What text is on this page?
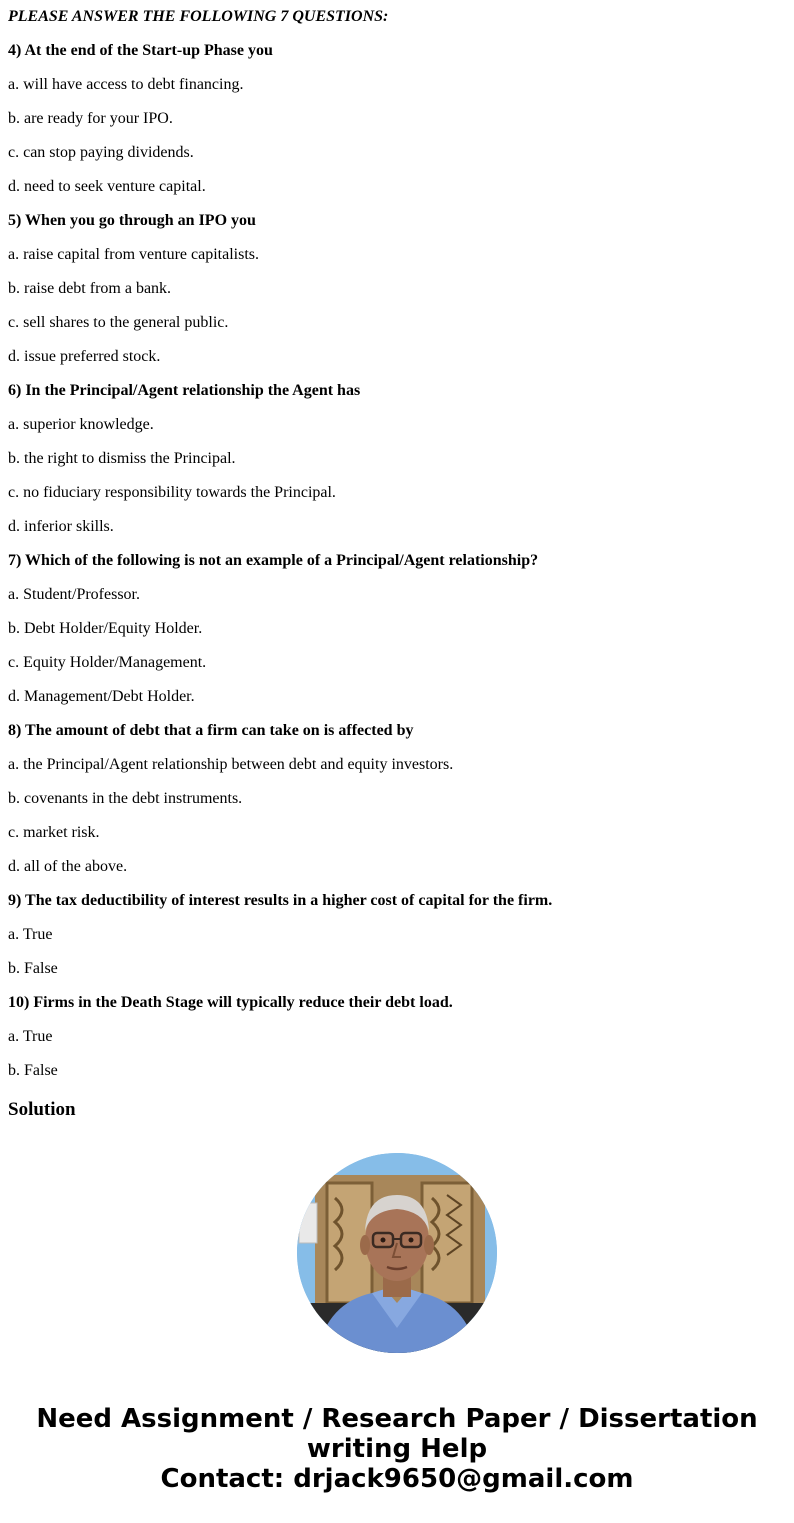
PLEASE ANSWER THE FOLLOWING 7 QUESTIONS:
4) At the end of the Start-up Phase you
a. will have access to debt financing.
b. are ready for your IPO.
c. can stop paying dividends.
d. need to seek venture capital.
5) When you go through an IPO you
a. raise capital from venture capitalists.
b. raise debt from a bank.
c. sell shares to the general public.
d. issue preferred stock.
6) In the Principal/Agent relationship the Agent has
a. superior knowledge.
b. the right to dismiss the Principal.
c. no fiduciary responsibility towards the Principal.
d. inferior skills.
7) Which of the following is not an example of a Principal/Agent relationship?
a. Student/Professor.
b. Debt Holder/Equity Holder.
c. Equity Holder/Management.
d. Management/Debt Holder.
8) The amount of debt that a firm can take on is affected by
a. the Principal/Agent relationship between debt and equity investors.
b. covenants in the debt instruments.
c. market risk.
d. all of the above.
9) The tax deductibility of interest results in a higher cost of capital for the firm.
a. True
b. False
10) Firms in the Death Stage will typically reduce their debt load.
a. True
b. False
Solution
Need Assignment / Research Paper / Dissertation
writing Help
Contact: drjack9650@gmail.com
